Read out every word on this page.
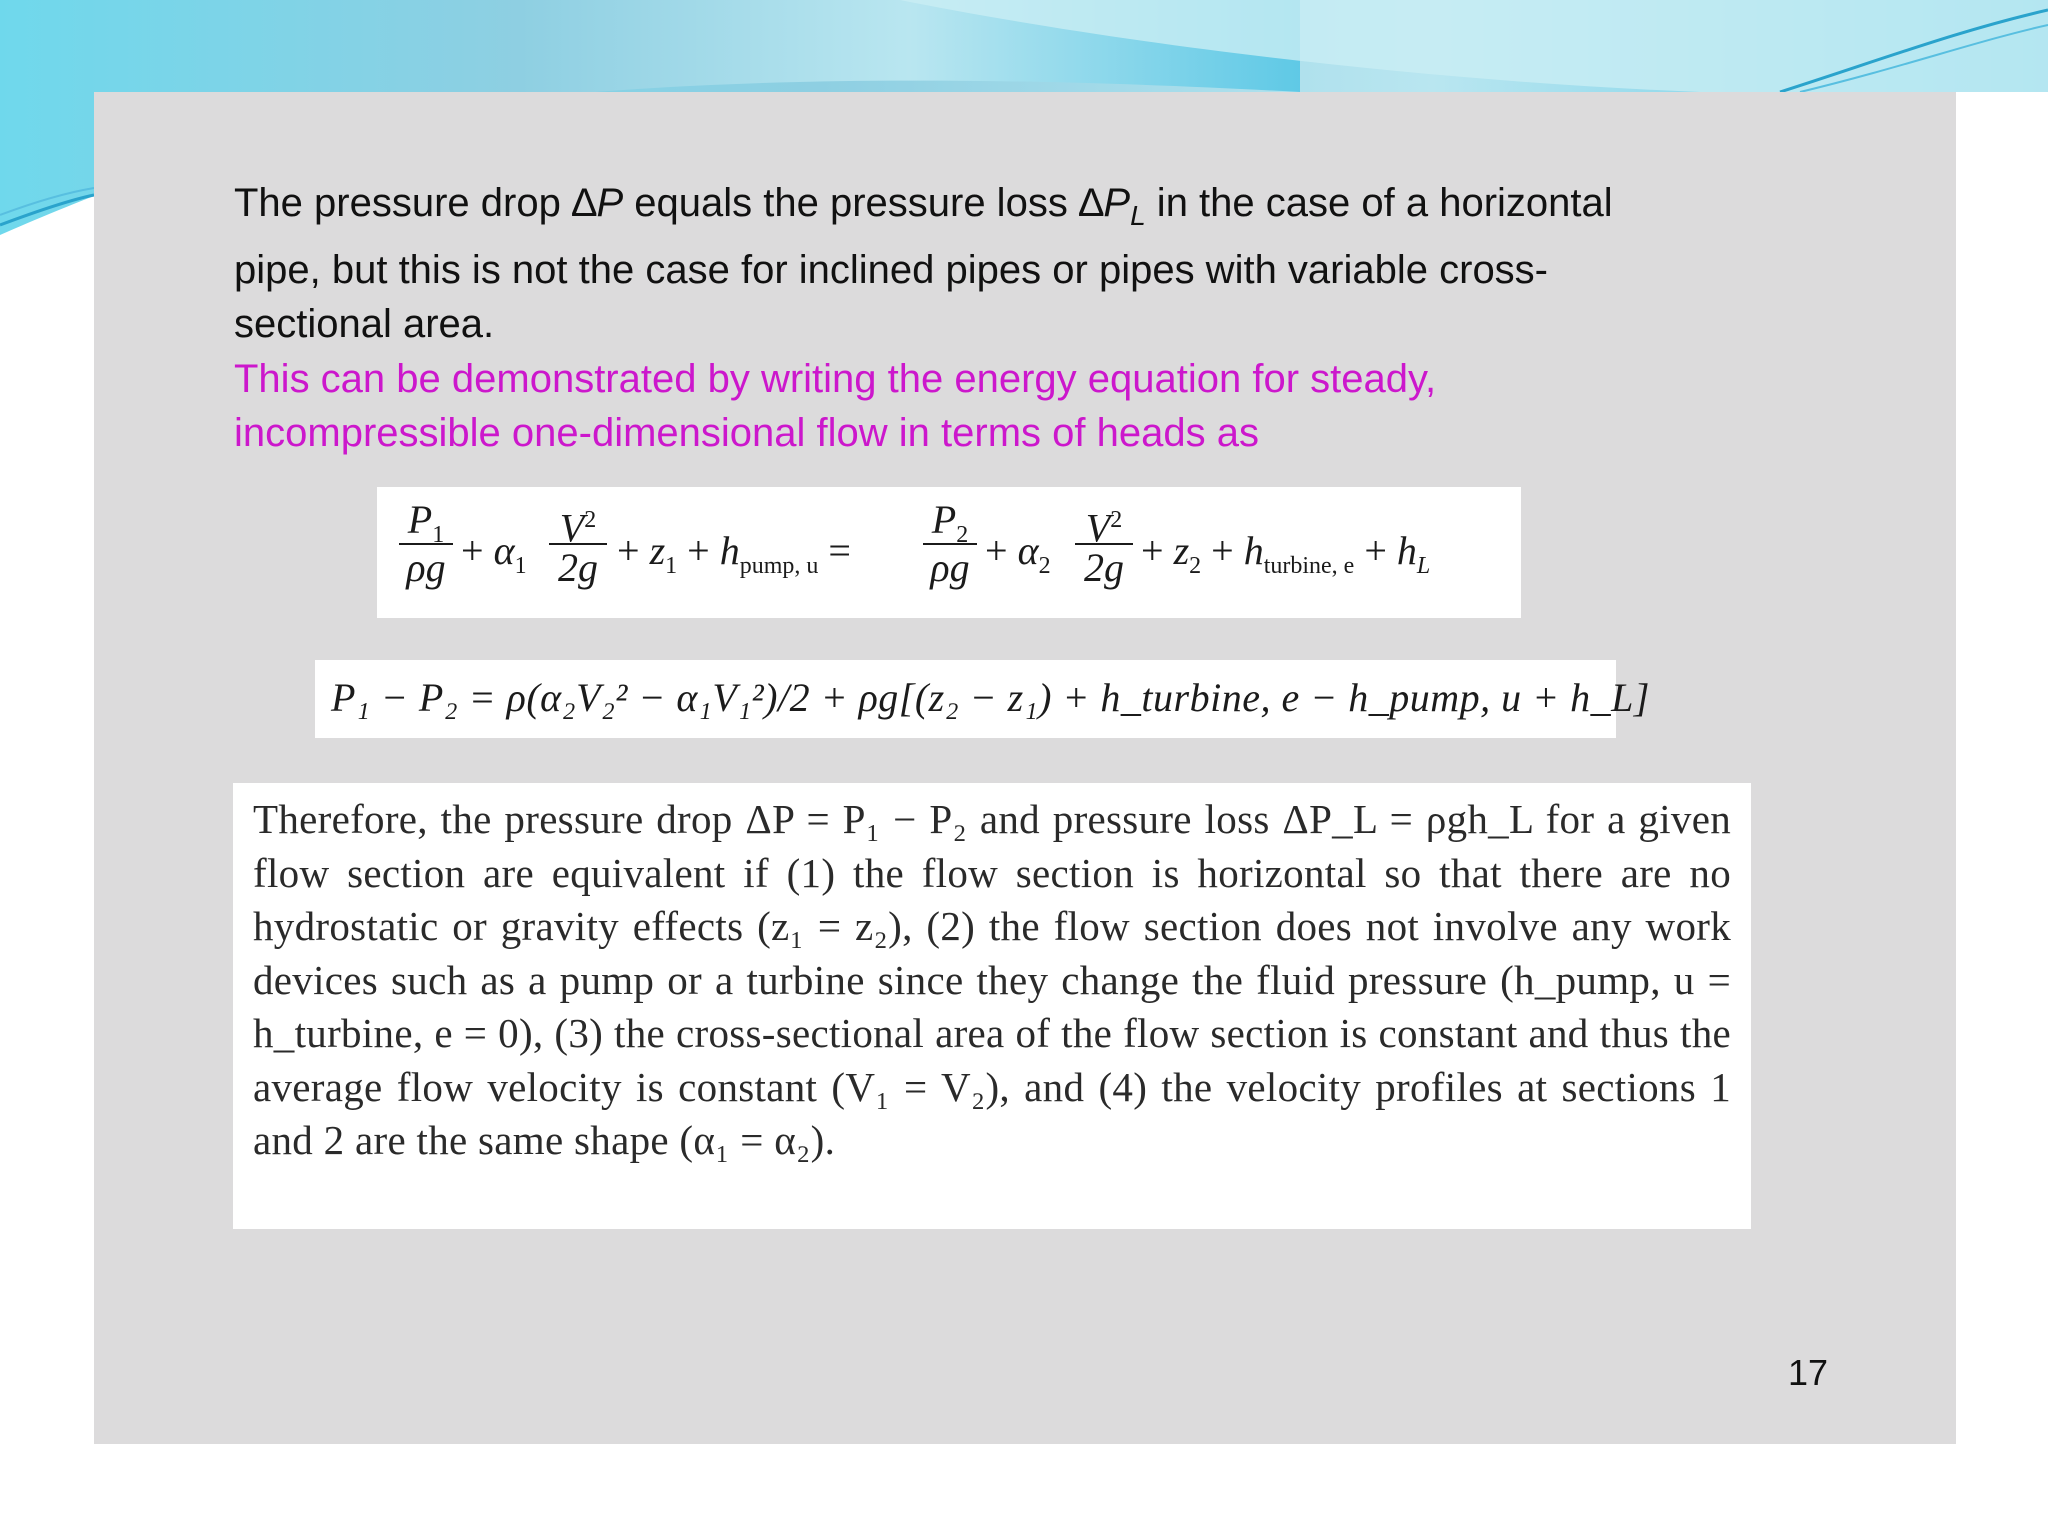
The pressure drop ∆P equals the pressure loss $\Delta P_L$ in the case of a horizontal pipe, but this is not the case for inclined pipes or pipes with variable cross-sectional area.

This can be demonstrated by writing the energy equation for steady, incompressible one-dimensional flow in terms of heads as

$P_1$
$\rho g + \alpha_1$
$V^2$
$2g + z_1 + h_{pump, u}$ =
$P_2$
$\rho g + \alpha_2$
$V^2$
$2g + z_2 + h_{turbine, e} + h_L$
P₁ − P₂ = ρ(α₂V₂² − α₁V₁²)/2 + ρg[(z₂ − z₁) + h_turbine, e − h_pump, u + h_L]

Therefore, the pressure drop ΔP = P₁ − P₂ and pressure loss ΔP_L = ρgh_L for a given flow section are equivalent if (1) the flow section is horizontal so that there are no hydrostatic or gravity effects (z₁ = z₂), (2) the flow section does not involve any work devices such as a pump or a turbine since they change the fluid pressure (h_pump, u = h_turbine, e = 0), (3) the cross-sectional area of the flow section is constant and thus the average flow velocity is constant (V₁ = V₂), and (4) the velocity profiles at sections 1 and 2 are the same shape (α₁ = α₂).

17
